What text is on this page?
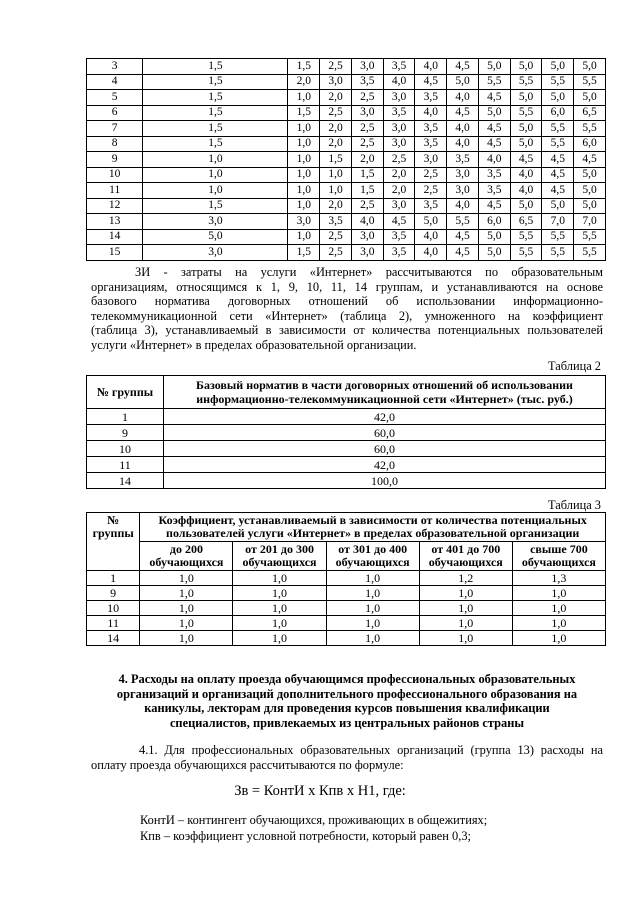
3	1,5	1,5	2,5	3,0	3,5	4,0	4,5	5,0	5,0	5,0	5,0
4	1,5	2,0	3,0	3,5	4,0	4,5	5,0	5,5	5,5	5,5	5,5
5	1,5	1,0	2,0	2,5	3,0	3,5	4,0	4,5	5,0	5,0	5,0
6	1,5	1,5	2,5	3,0	3,5	4,0	4,5	5,0	5,5	6,0	6,5
7	1,5	1,0	2,0	2,5	3,0	3,5	4,0	4,5	5,0	5,5	5,5
8	1,5	1,0	2,0	2,5	3,0	3,5	4,0	4,5	5,0	5,5	6,0
9	1,0	1,0	1,5	2,0	2,5	3,0	3,5	4,0	4,5	4,5	4,5
10	1,0	1,0	1,0	1,5	2,0	2,5	3,0	3,5	4,0	4,5	5,0
11	1,0	1,0	1,0	1,5	2,0	2,5	3,0	3,5	4,0	4,5	5,0
12	1,5	1,0	2,0	2,5	3,0	3,5	4,0	4,5	5,0	5,0	5,0
13	3,0	3,0	3,5	4,0	4,5	5,0	5,5	6,0	6,5	7,0	7,0
14	5,0	1,0	2,5	3,0	3,5	4,0	4,5	5,0	5,5	5,5	5,5
15	3,0	1,5	2,5	3,0	3,5	4,0	4,5	5,0	5,5	5,5	5,5
ЗИ - затраты на услуги «Интернет» рассчитываются по образовательным
организациям, относящимся к 1, 9, 10, 11, 14 группам, и устанавливаются на основе
базового норматива договорных отношений об использовании информационно-
телекоммуникационной сети «Интернет» (таблица 2), умноженного на коэффициент
(таблица 3), устанавливаемый в зависимости от количества потенциальных пользователей
услуги «Интернет» в пределах образовательной организации.
Таблица 2
№ группы	Базовый норматив в части договорных отношений об использовании информационно-телекоммуникационной сети «Интернет» (тыс. руб.)
1	42,0
9	60,0
10	60,0
11	42,0
14	100,0
Таблица 3
№ группы	Коэффициент, устанавливаемый в зависимости от количества потенциальных пользователей услуги «Интернет» в пределах образовательной организации				
	до 200 обучающихся	от 201 до 300 обучающихся	от 301 до 400 обучающихся	от 401 до 700 обучающихся	свыше 700 обучающихся
1	1,0	1,0	1,0	1,2	1,3
9	1,0	1,0	1,0	1,0	1,0
10	1,0	1,0	1,0	1,0	1,0
11	1,0	1,0	1,0	1,0	1,0
14	1,0	1,0	1,0	1,0	1,0
4. Расходы на оплату проезда обучающимся профессиональных образовательных
организаций и организаций дополнительного профессионального образования на
каникулы, лекторам для проведения курсов повышения квалификации
специалистов, привлекаемых из центральных районов страны
4.1. Для профессиональных образовательных организаций (группа 13) расходы на
оплату проезда обучающихся рассчитываются по формуле:
Зв = КонтИ х Кпв х Н1, где:
КонтИ – контингент обучающихся, проживающих в общежитиях;
Кпв – коэффициент условной потребности, который равен 0,3;
